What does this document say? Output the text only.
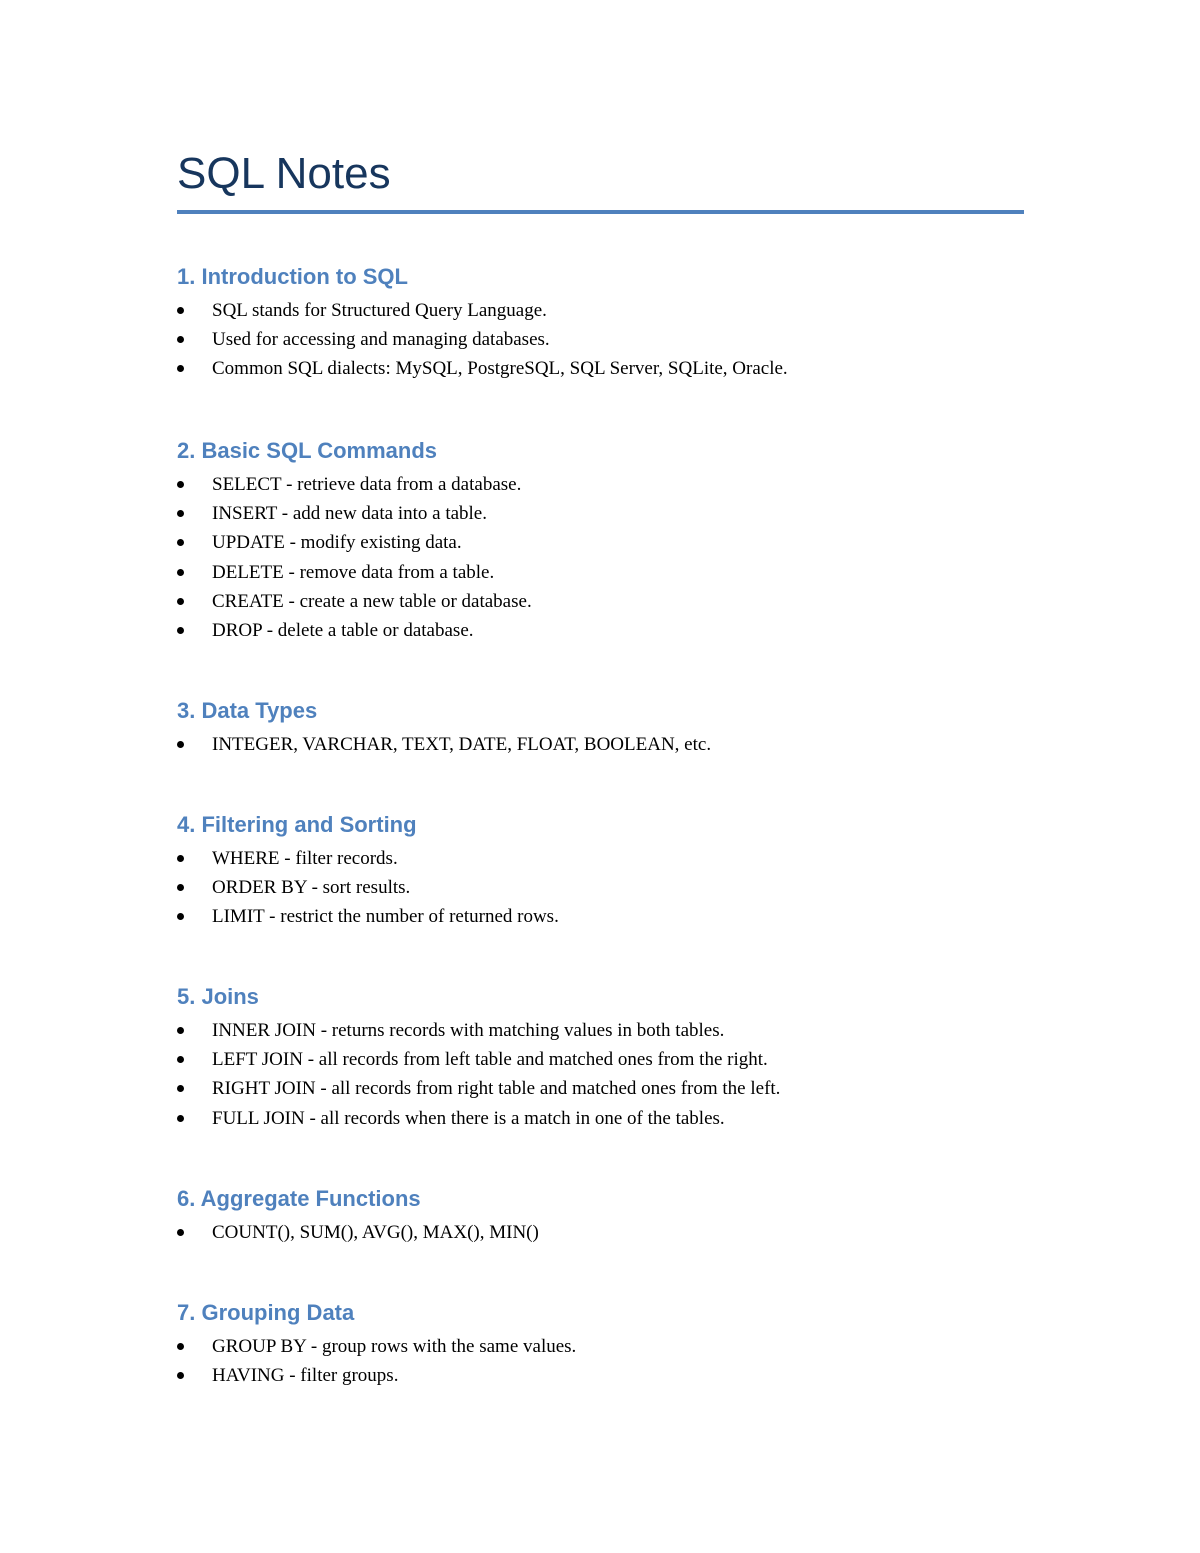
SQL Notes
1. Introduction to SQL
SQL stands for Structured Query Language.
Used for accessing and managing databases.
Common SQL dialects: MySQL, PostgreSQL, SQL Server, SQLite, Oracle.
2. Basic SQL Commands
SELECT - retrieve data from a database.
INSERT - add new data into a table.
UPDATE - modify existing data.
DELETE - remove data from a table.
CREATE - create a new table or database.
DROP - delete a table or database.
3. Data Types
INTEGER, VARCHAR, TEXT, DATE, FLOAT, BOOLEAN, etc.
4. Filtering and Sorting
WHERE - filter records.
ORDER BY - sort results.
LIMIT - restrict the number of returned rows.
5. Joins
INNER JOIN - returns records with matching values in both tables.
LEFT JOIN - all records from left table and matched ones from the right.
RIGHT JOIN - all records from right table and matched ones from the left.
FULL JOIN - all records when there is a match in one of the tables.
6. Aggregate Functions
COUNT(), SUM(), AVG(), MAX(), MIN()
7. Grouping Data
GROUP BY - group rows with the same values.
HAVING - filter groups.
